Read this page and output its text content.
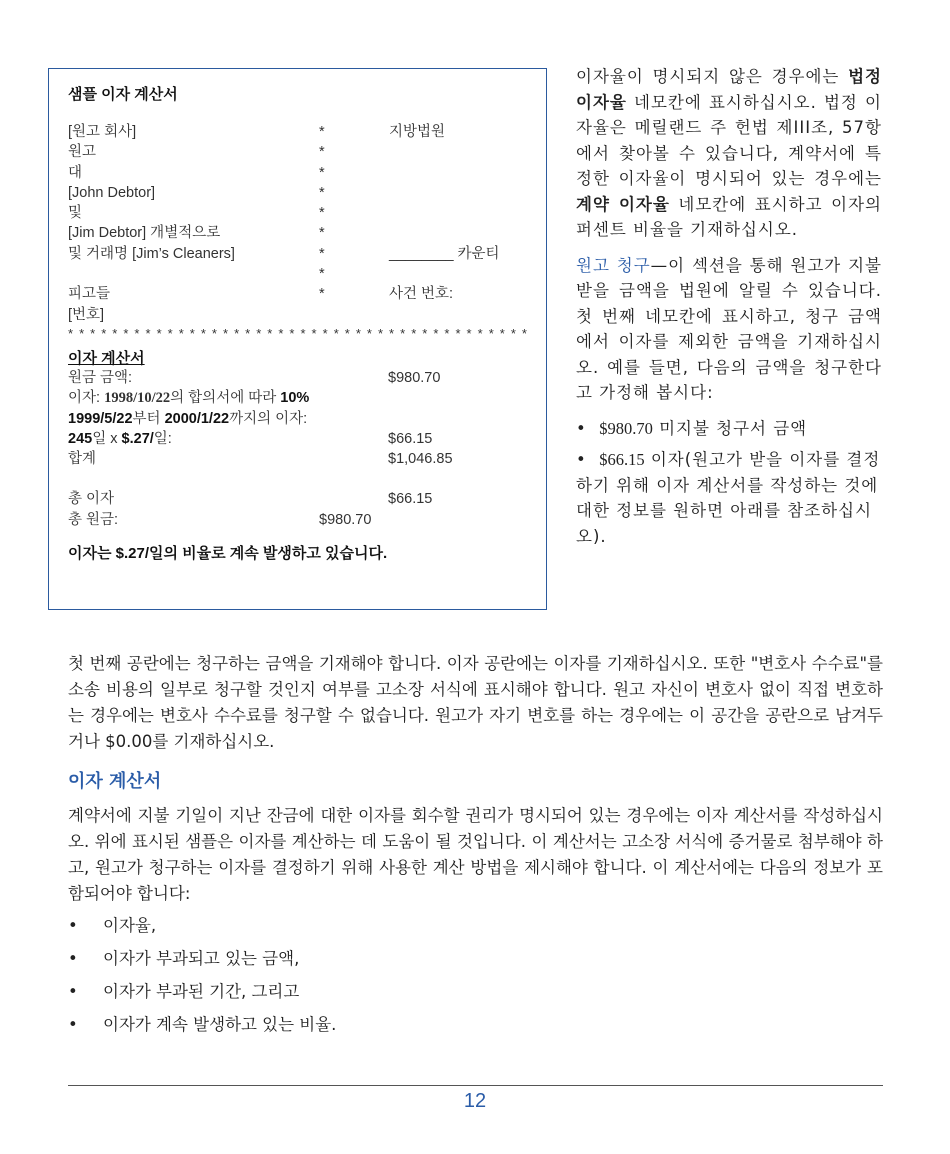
샘플 이자 계산서
[원고 회사]	*	지방법원
원고	*

대	*

[John Debtor]	*

및	*

[Jim Debtor] 개별적으로	*

및 거래명 [Jim’s Cleaners]	*	________ 카운티

*

피고들	*	사건 번호:
[번호]

* * * * * * * * * * * * * * * * * * * * * * * * * * * * * * * * * * * * * * * * * *
이자 계산서
원금 금액:	$980.70
이자: 1998/10/22의 합의서에 따라 10%
1999/5/22부터 2000/1/22까지의 이자:
245일 x $.27/일:	$66.15
합계	$1,046.85
총 이자	$66.15
총 원금:	$980.70
이자는 $.27/일의 비율로 계속 발생하고 있습니다.

이자율이 명시되지 않은 경우에는 법정 이자율 네모칸에 표시하십시오. 법정 이자율은 메릴랜드 주 헌법 제III조, 57항에서 찾아볼 수 있습니다, 계약서에 특정한 이자율이 명시되어 있는 경우에는 계약 이자율 네모칸에 표시하고 이자의 퍼센트 비율을 기재하십시오.

원고 청구—이 섹션을 통해 원고가 지불 받을 금액을 법원에 알릴 수 있습니다. 첫 번째 네모칸에 표시하고, 청구 금액에서 이자를 제외한 금액을 기재하십시오. 예를 들면, 다음의 금액을 청구한다고 가정해 봅시다:

•  $980.70 미지불 청구서 금액

•  $66.15 이자(원고가 받을 이자를 결정하기 위해 이자 계산서를 작성하는 것에대한 정보를 원하면 아래를 참조하십시오).

첫 번째 공란에는 청구하는 금액을 기재해야 합니다. 이자 공란에는 이자를 기재하십시오. 또한 "변호사 수수료"를 소송 비용의 일부로 청구할 것인지 여부를 고소장 서식에 표시해야 합니다. 원고 자신이 변호사 없이 직접 변호하는 경우에는 변호사 수수료를 청구할 수 없습니다. 원고가 자기 변호를 하는 경우에는 이 공간을 공란으로 남겨두거나 $0.00를 기재하십시오.

이자 계산서

계약서에 지불 기일이 지난 잔금에 대한 이자를 회수할 권리가 명시되어 있는 경우에는 이자 계산서를 작성하십시오. 위에 표시된 샘플은 이자를 계산하는 데 도움이 될 것입니다. 이 계산서는 고소장 서식에 증거물로 첨부해야 하고, 원고가 청구하는 이자를 결정하기 위해 사용한 계산 방법을 제시해야 합니다. 이 계산서에는 다음의 정보가 포함되어야 합니다:

• 이자율,
• 이자가 부과되고 있는 금액,
• 이자가 부과된 기간, 그리고
• 이자가 계속 발생하고 있는 비율.
12
